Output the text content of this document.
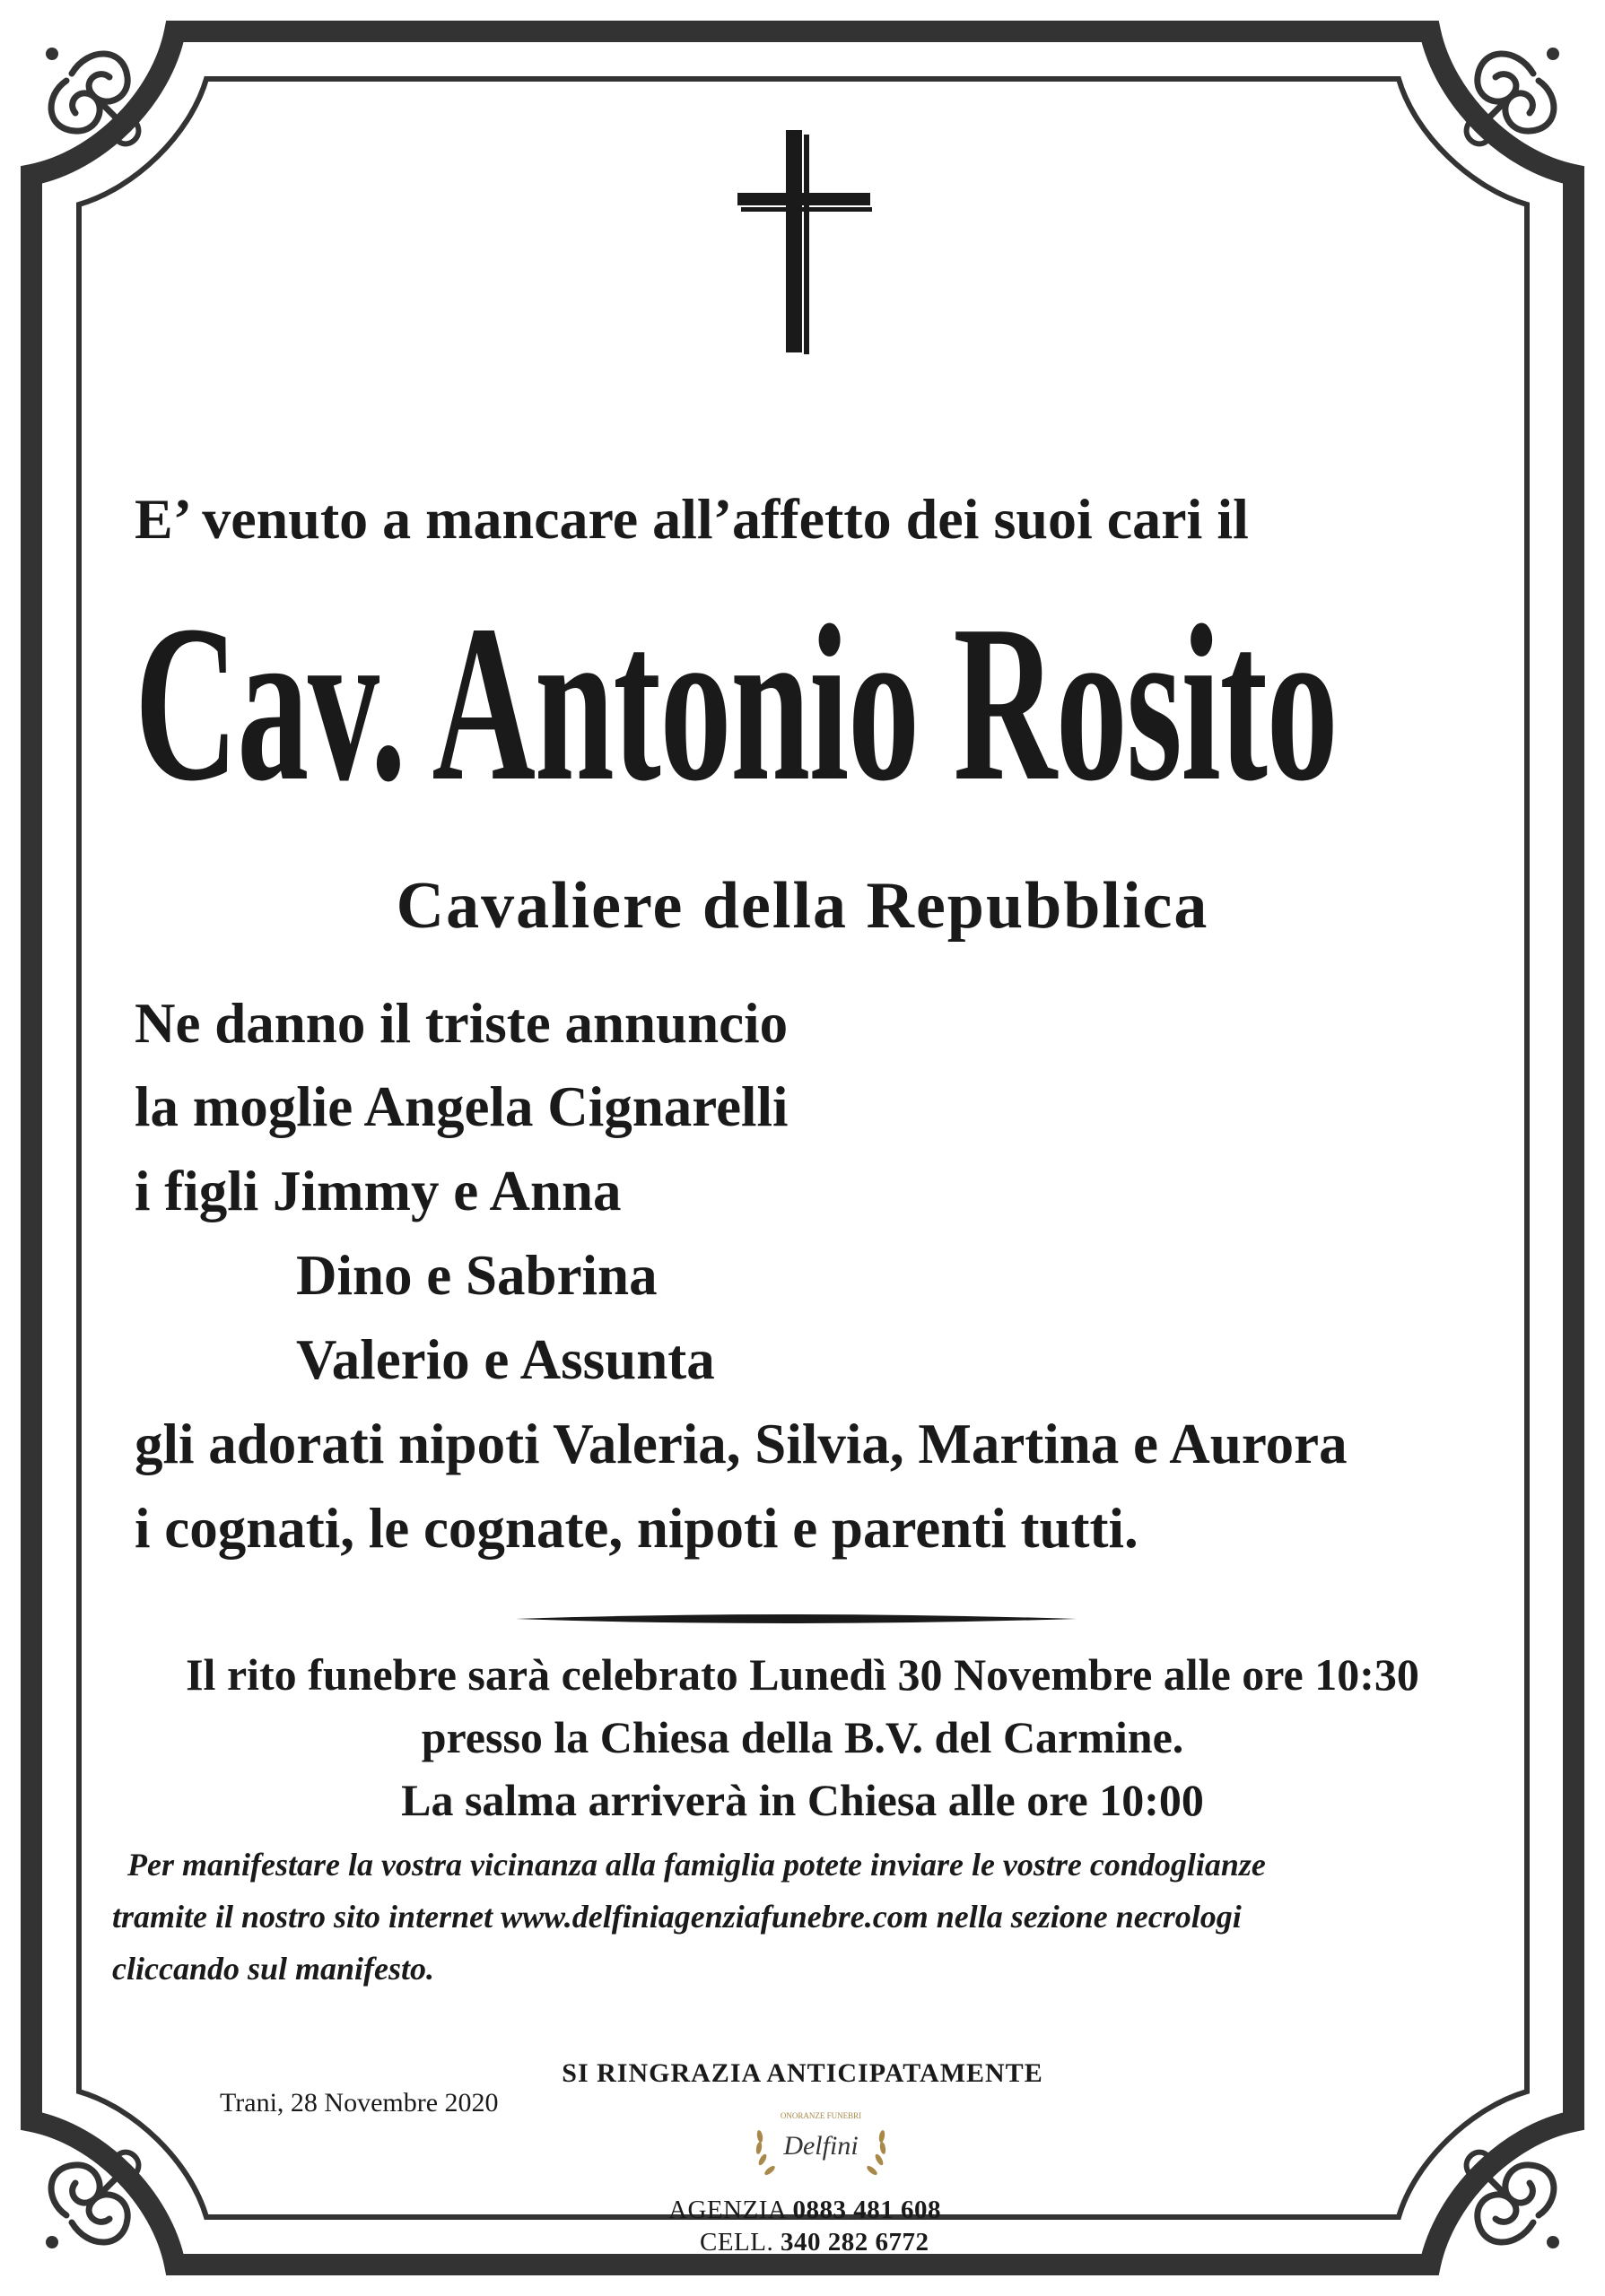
E’ venuto a mancare all’affetto dei suoi cari il
Cav. Antonio Rosito
Cavaliere della Repubblica
Ne danno il triste annuncio
la moglie Angela Cignarelli
i figli Jimmy e Anna
Dino e Sabrina
Valerio e Assunta
gli adorati nipoti Valeria, Silvia, Martina e Aurora
i cognati, le cognate, nipoti e parenti tutti.
Il rito funebre sarà celebrato Lunedì 30 Novembre alle ore 10:30
presso la Chiesa della B.V. del Carmine.
La salma arriverà in Chiesa alle ore 10:00
Per manifestare la vostra vicinanza alla famiglia potete inviare le vostre condoglianze
tramite il nostro sito internet www.delfiniagenziafunebre.com nella sezione necrologi
cliccando sul manifesto.
SI RINGRAZIA ANTICIPATAMENTE
Trani, 28 Novembre 2020	ONORANZE FUNEBRI
Delfini
AGENZIA 0883 481 608
CELL. 340 282 6772
